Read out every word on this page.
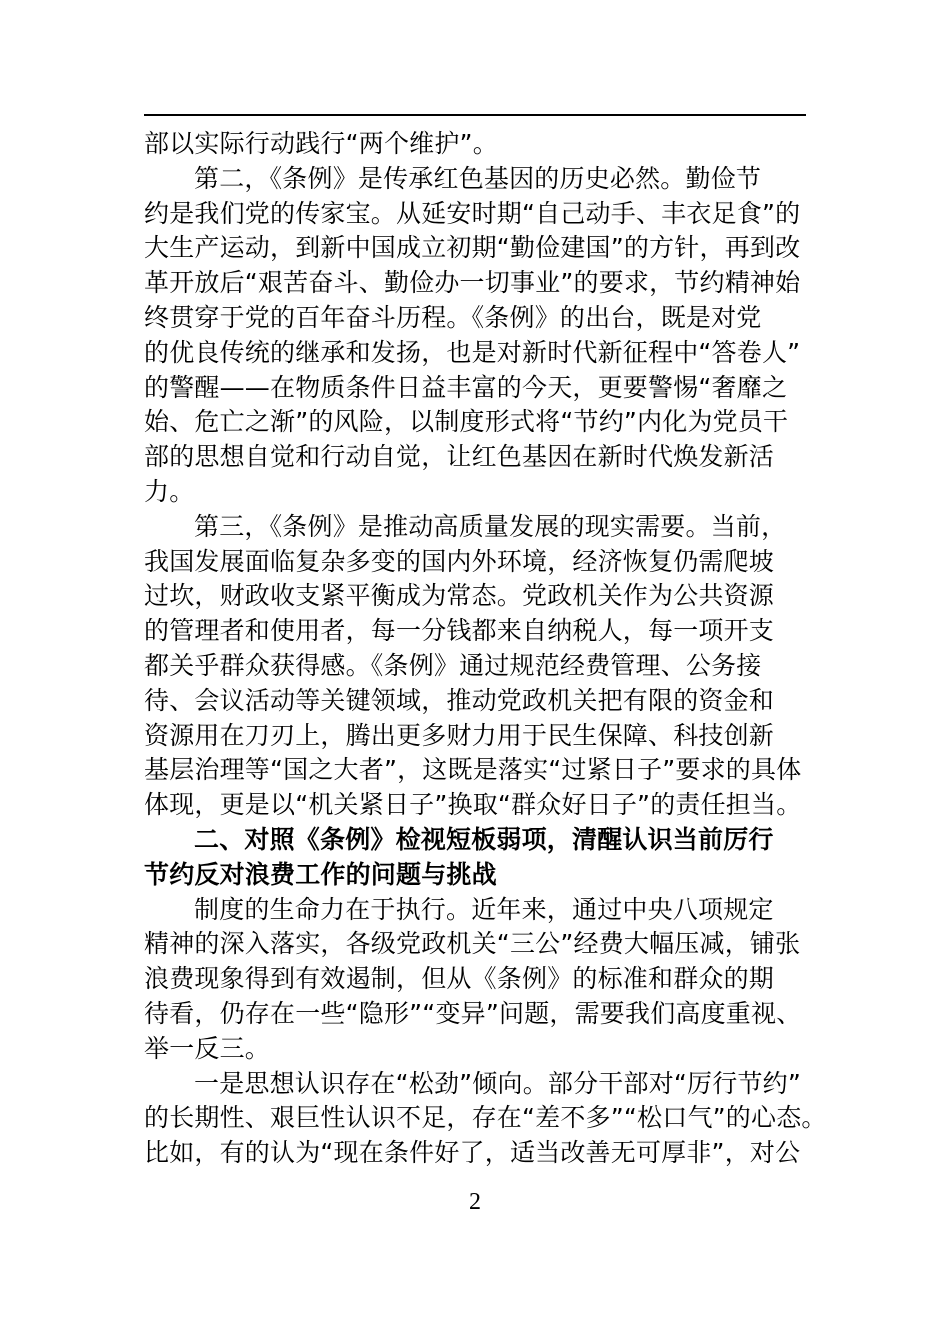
部以实际行动践行“两个维护”。
第二，《条例》是传承红色基因的历史必然。勤俭节
约是我们党的传家宝。从延安时期“自己动手、丰衣足食”的
大生产运动，到新中国成立初期“勤俭建国”的方针，再到改
革开放后“艰苦奋斗、勤俭办一切事业”的要求，节约精神始
终贯穿于党的百年奋斗历程。《条例》的出台，既是对党
的优良传统的继承和发扬，也是对新时代新征程中“答卷人”
的警醒——在物质条件日益丰富的今天，更要警惕“奢靡之
始、危亡之渐”的风险，以制度形式将“节约”内化为党员干
部的思想自觉和行动自觉，让红色基因在新时代焕发新活
力。
第三，《条例》是推动高质量发展的现实需要。当前，
我国发展面临复杂多变的国内外环境，经济恢复仍需爬坡
过坎，财政收支紧平衡成为常态。党政机关作为公共资源
的管理者和使用者，每一分钱都来自纳税人，每一项开支
都关乎群众获得感。《条例》通过规范经费管理、公务接
待、会议活动等关键领域，推动党政机关把有限的资金和
资源用在刀刃上，腾出更多财力用于民生保障、科技创新
基层治理等“国之大者”，这既是落实“过紧日子”要求的具体
体现，更是以“机关紧日子”换取“群众好日子”的责任担当。
二、对照《条例》检视短板弱项，清醒认识当前厉行
节约反对浪费工作的问题与挑战
制度的生命力在于执行。近年来，通过中央八项规定
精神的深入落实，各级党政机关“三公”经费大幅压减，铺张
浪费现象得到有效遏制，但从《条例》的标准和群众的期
待看，仍存在一些“隐形”“变异”问题，需要我们高度重视、
举一反三。
一是思想认识存在“松劲”倾向。部分干部对“厉行节约”
的长期性、艰巨性认识不足，存在“差不多”“松口气”的心态。
比如，有的认为“现在条件好了，适当改善无可厚非”，对公
2
